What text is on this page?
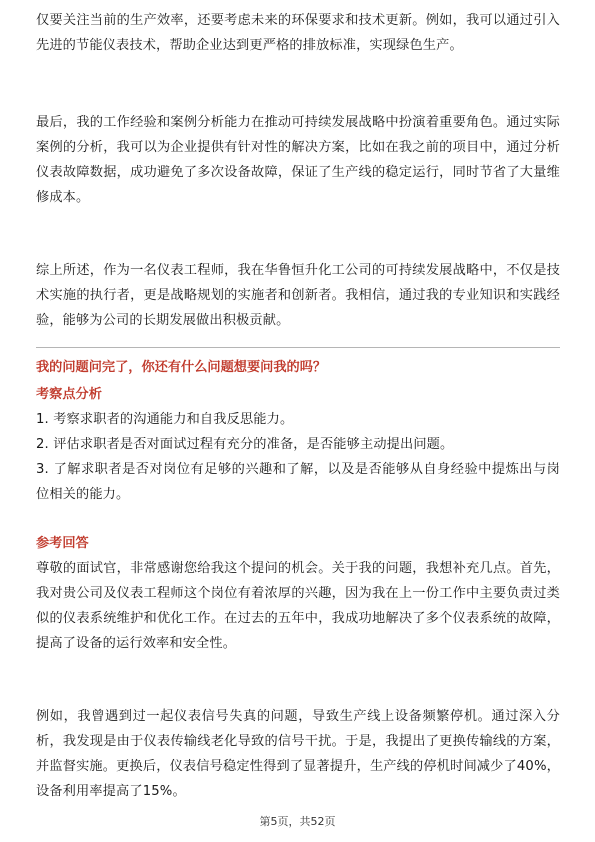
仅要关注当前的生产效率，还要考虑未来的环保要求和技术更新。例如，我可以通过引入先进的节能仪表技术，帮助企业达到更严格的排放标准，实现绿色生产。

最后，我的工作经验和案例分析能力在推动可持续发展战略中扮演着重要角色。通过实际案例的分析，我可以为企业提供有针对性的解决方案，比如在我之前的项目中，通过分析仪表故障数据，成功避免了多次设备故障，保证了生产线的稳定运行，同时节省了大量维修成本。

综上所述，作为一名仪表工程师，我在华鲁恒升化工公司的可持续发展战略中，不仅是技术实施的执行者，更是战略规划的实施者和创新者。我相信，通过我的专业知识和实践经验，能够为公司的长期发展做出积极贡献。

我的问题问完了，你还有什么问题想要问我的吗？
考察点分析

1. 考察求职者的沟通能力和自我反思能力。

2. 评估求职者是否对面试过程有充分的准备，是否能够主动提出问题。

3. 了解求职者是否对岗位有足够的兴趣和了解，以及是否能够从自身经验中提炼出与岗位相关的能力。

参考回答

尊敬的面试官，非常感谢您给我这个提问的机会。关于我的问题，我想补充几点。首先，我对贵公司及仪表工程师这个岗位有着浓厚的兴趣，因为我在上一份工作中主要负责过类似的仪表系统维护和优化工作。在过去的五年中，我成功地解决了多个仪表系统的故障，提高了设备的运行效率和安全性。

例如，我曾遇到过一起仪表信号失真的问题，导致生产线上设备频繁停机。通过深入分析，我发现是由于仪表传输线老化导致的信号干扰。于是，我提出了更换传输线的方案，并监督实施。更换后，仪表信号稳定性得到了显著提升，生产线的停机时间减少了40%，设备利用率提高了15%。

第5页，共52页
